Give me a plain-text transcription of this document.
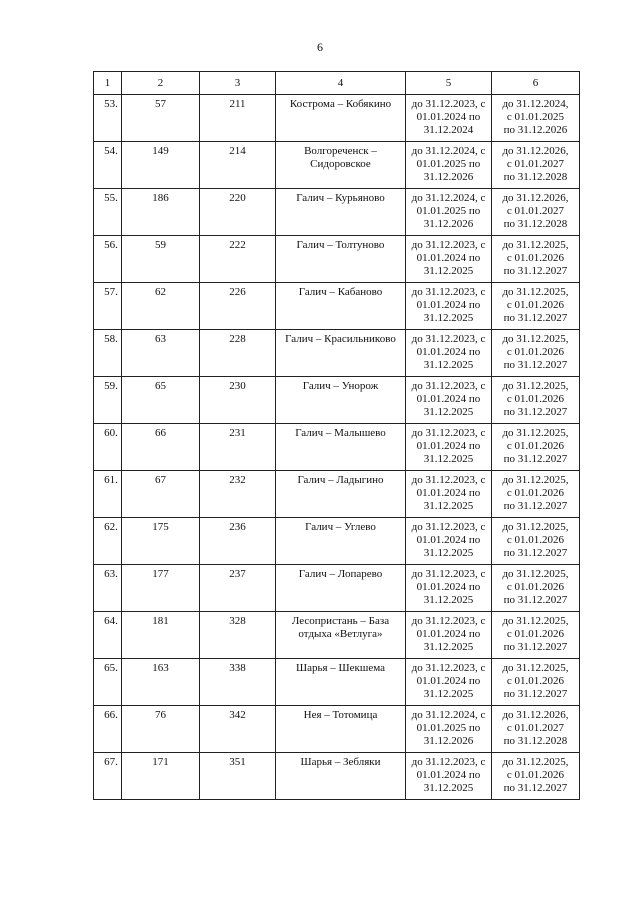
6
1	2	3	4	5	6
53.	57	211	Кострома – Кобякино	до 31.12.2023, с
01.01.2024 по
31.12.2024	до 31.12.2024,
с 01.01.2025
по 31.12.2026
54.	149	214	Волгореченск –
Сидоровское	до 31.12.2024, с
01.01.2025 по
31.12.2026	до 31.12.2026,
с 01.01.2027
по 31.12.2028
55.	186	220	Галич – Курьяново	до 31.12.2024, с
01.01.2025 по
31.12.2026	до 31.12.2026,
с 01.01.2027
по 31.12.2028
56.	59	222	Галич – Толтуново	до 31.12.2023, с
01.01.2024 по
31.12.2025	до 31.12.2025,
с 01.01.2026
по 31.12.2027
57.	62	226	Галич – Кабаново	до 31.12.2023, с
01.01.2024 по
31.12.2025	до 31.12.2025,
с 01.01.2026
по 31.12.2027
58.	63	228	Галич – Красильниково	до 31.12.2023, с
01.01.2024 по
31.12.2025	до 31.12.2025,
с 01.01.2026
по 31.12.2027
59.	65	230	Галич – Унорож	до 31.12.2023, с
01.01.2024 по
31.12.2025	до 31.12.2025,
с 01.01.2026
по 31.12.2027
60.	66	231	Галич – Малышево	до 31.12.2023, с
01.01.2024 по
31.12.2025	до 31.12.2025,
с 01.01.2026
по 31.12.2027
61.	67	232	Галич – Ладыгино	до 31.12.2023, с
01.01.2024 по
31.12.2025	до 31.12.2025,
с 01.01.2026
по 31.12.2027
62.	175	236	Галич – Углево	до 31.12.2023, с
01.01.2024 по
31.12.2025	до 31.12.2025,
с 01.01.2026
по 31.12.2027
63.	177	237	Галич – Лопарево	до 31.12.2023, с
01.01.2024 по
31.12.2025	до 31.12.2025,
с 01.01.2026
по 31.12.2027
64.	181	328	Лесопристань – База
отдыха «Ветлуга»	до 31.12.2023, с
01.01.2024 по
31.12.2025	до 31.12.2025,
с 01.01.2026
по 31.12.2027
65.	163	338	Шарья – Шекшема	до 31.12.2023, с
01.01.2024 по
31.12.2025	до 31.12.2025,
с 01.01.2026
по 31.12.2027
66.	76	342	Нея – Тотомица	до 31.12.2024, с
01.01.2025 по
31.12.2026	до 31.12.2026,
с 01.01.2027
по 31.12.2028
67.	171	351	Шарья – Зебляки	до 31.12.2023, с
01.01.2024 по
31.12.2025	до 31.12.2025,
с 01.01.2026
по 31.12.2027
